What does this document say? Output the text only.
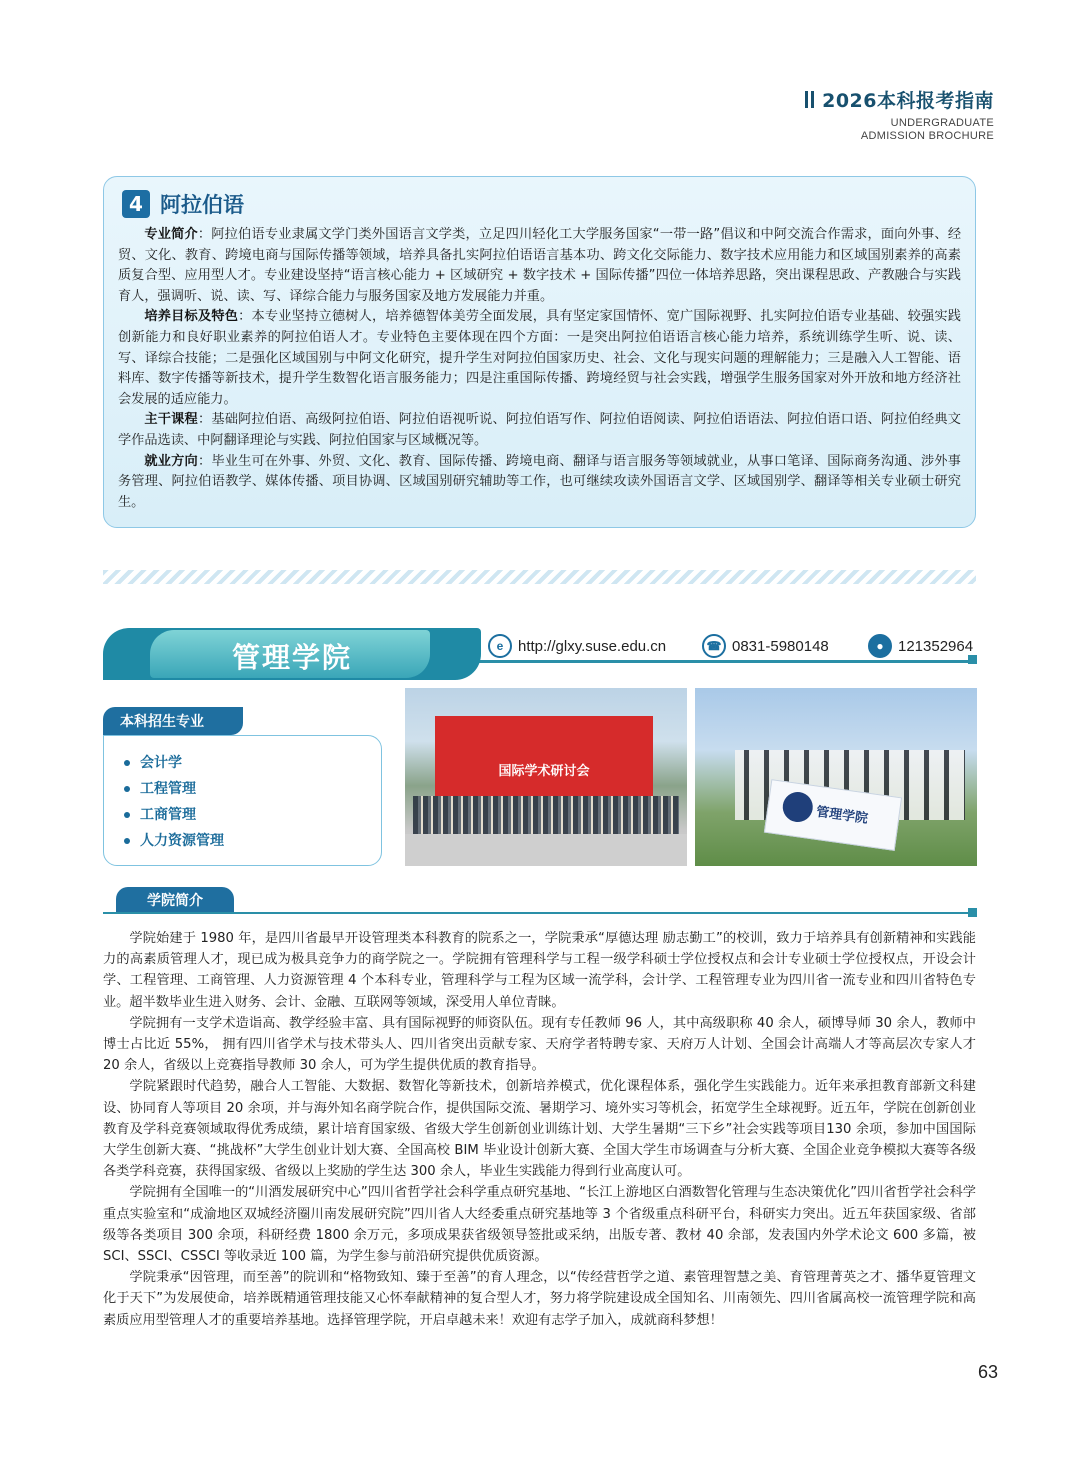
2026本科报考指南
UNDERGRADUATE
ADMISSION BROCHURE
4 阿拉伯语

专业简介：阿拉伯语专业隶属文学门类外国语言文学类，立足四川轻化工大学服务国家“一带一路”倡议和中阿交流合作需求，面向外事、经贸、文化、教育、跨境电商与国际传播等领域，培养具备扎实阿拉伯语语言基本功、跨文化交际能力、数字技术应用能力和区域国别素养的高素质复合型、应用型人才。专业建设坚持“语言核心能力 + 区域研究 + 数字技术 + 国际传播”四位一体培养思路，突出课程思政、产教融合与实践育人，强调听、说、读、写、译综合能力与服务国家及地方发展能力并重。

培养目标及特色：本专业坚持立德树人，培养德智体美劳全面发展，具有坚定家国情怀、宽广国际视野、扎实阿拉伯语专业基础、较强实践创新能力和良好职业素养的阿拉伯语人才。专业特色主要体现在四个方面：一是突出阿拉伯语语言核心能力培养，系统训练学生听、说、读、写、译综合技能；二是强化区域国别与中阿文化研究，提升学生对阿拉伯国家历史、社会、文化与现实问题的理解能力；三是融入人工智能、语料库、数字传播等新技术，提升学生数智化语言服务能力；四是注重国际传播、跨境经贸与社会实践，增强学生服务国家对外开放和地方经济社会发展的适应能力。

主干课程：基础阿拉伯语、高级阿拉伯语、阿拉伯语视听说、阿拉伯语写作、阿拉伯语阅读、阿拉伯语语法、阿拉伯语口语、阿拉伯经典文学作品选读、中阿翻译理论与实践、阿拉伯国家与区域概况等。

就业方向：毕业生可在外事、外贸、文化、教育、国际传播、跨境电商、翻译与语言服务等领域就业，从事口笔译、国际商务沟通、涉外事务管理、阿拉伯语教学、媒体传播、项目协调、区域国别研究辅助等工作，也可继续攻读外国语言文学、区域国别学、翻译等相关专业硕士研究生。

管理学院	e http://glxy.suse.edu.cn	☎ 0831-5980148	● 121352964
本科招生专业
会计学
工程管理
工商管理
人力资源管理
国际学术研讨会
管理学院
学院简介

学院始建于 1980 年，是四川省最早开设管理类本科教育的院系之一，学院秉承“厚德达理 励志勤工”的校训，致力于培养具有创新精神和实践能力的高素质管理人才，现已成为极具竞争力的商学院之一。学院拥有管理科学与工程一级学科硕士学位授权点和会计专业硕士学位授权点，开设会计学、工程管理、工商管理、人力资源管理 4 个本科专业，管理科学与工程为区域一流学科，会计学、工程管理专业为四川省一流专业和四川省特色专业。超半数毕业生进入财务、会计、金融、互联网等领域，深受用人单位青睐。

学院拥有一支学术造诣高、教学经验丰富、具有国际视野的师资队伍。现有专任教师 96 人，其中高级职称 40 余人，硕博导师 30 余人，教师中博士占比近 55%， 拥有四川省学术与技术带头人、四川省突出贡献专家、天府学者特聘专家、天府万人计划、全国会计高端人才等高层次专家人才 20 余人，省级以上竞赛指导教师 30 余人，可为学生提供优质的教育指导。

学院紧跟时代趋势，融合人工智能、大数据、数智化等新技术，创新培养模式，优化课程体系，强化学生实践能力。近年来承担教育部新文科建设、协同育人等项目 20 余项，并与海外知名商学院合作，提供国际交流、暑期学习、境外实习等机会，拓宽学生全球视野。近五年，学院在创新创业教育及学科竞赛领域取得优秀成绩，累计培育国家级、省级大学生创新创业训练计划、大学生暑期“三下乡”社会实践等项目130 余项，参加中国国际大学生创新大赛、“挑战杯”大学生创业计划大赛、全国高校 BIM 毕业设计创新大赛、全国大学生市场调查与分析大赛、全国企业竞争模拟大赛等各级各类学科竞赛，获得国家级、省级以上奖励的学生达 300 余人，毕业生实践能力得到行业高度认可。

学院拥有全国唯一的“川酒发展研究中心”四川省哲学社会科学重点研究基地、“长江上游地区白酒数智化管理与生态决策优化”四川省哲学社会科学重点实验室和“成渝地区双城经济圈川南发展研究院”四川省人大经委重点研究基地等 3 个省级重点科研平台，科研实力突出。近五年获国家级、省部级等各类项目 300 余项，科研经费 1800 余万元，多项成果获省级领导签批或采纳，出版专著、教材 40 余部，发表国内外学术论文 600 多篇，被 SCI、SSCI、CSSCI 等收录近 100 篇，为学生参与前沿研究提供优质资源。

学院秉承“因管理，而至善”的院训和“格物致知、臻于至善”的育人理念，以“传经营哲学之道、素管理智慧之美、育管理菁英之才、播华夏管理文化于天下”为发展使命，培养既精通管理技能又心怀奉献精神的复合型人才，努力将学院建设成全国知名、川南领先、四川省属高校一流管理学院和高素质应用型管理人才的重要培养基地。选择管理学院，开启卓越未来！欢迎有志学子加入，成就商科梦想！

63
